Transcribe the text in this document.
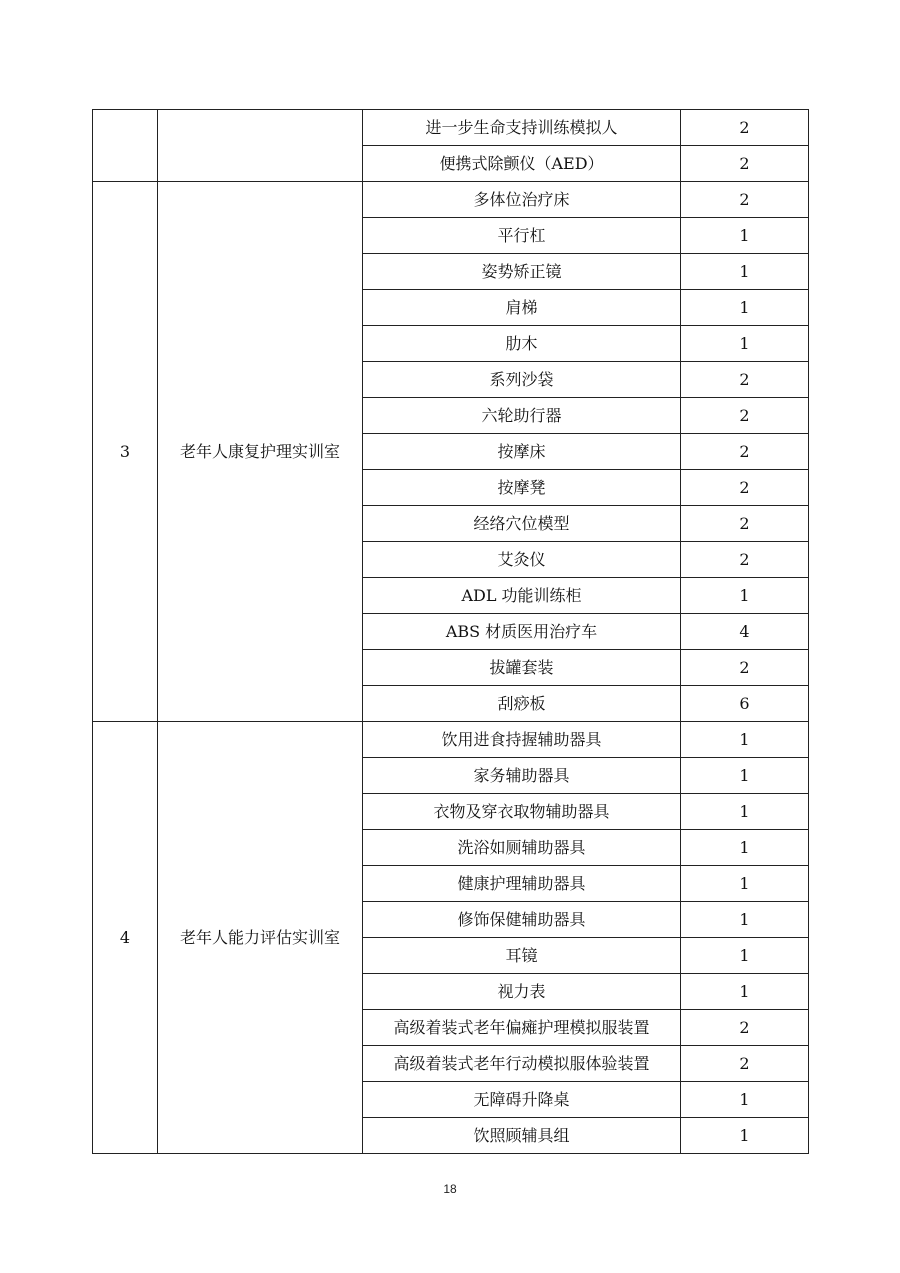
		进一步生命支持训练模拟人	2
		便携式除颤仪（AED）	2
3	老年人康复护理实训室	多体位治疗床	2
		平行杠	1
		姿势矫正镜	1
		肩梯	1
		肋木	1
		系列沙袋	2
		六轮助行器	2
		按摩床	2
		按摩凳	2
		经络穴位模型	2
		艾灸仪	2
		ADL 功能训练柜	1
		ABS 材质医用治疗车	4
		拔罐套装	2
		刮痧板	6
4	老年人能力评估实训室	饮用进食持握辅助器具	1
		家务辅助器具	1
		衣物及穿衣取物辅助器具	1
		洗浴如厕辅助器具	1
		健康护理辅助器具	1
		修饰保健辅助器具	1
		耳镜	1
		视力表	1
		高级着装式老年偏瘫护理模拟服装置	2
		高级着装式老年行动模拟服体验装置	2
		无障碍升降桌	1
		饮照顾辅具组	1
18
